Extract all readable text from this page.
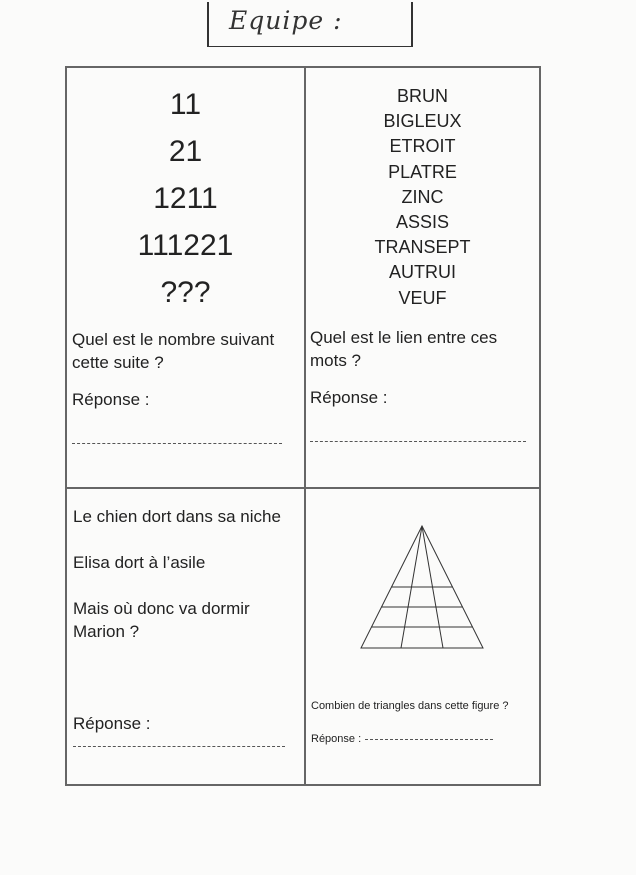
Equipe :
11
21
1211
111221
???
Quel est le nombre suivant
cette suite ?
Réponse :
BRUN
BIGLEUX
ETROIT
PLATRE
ZINC
ASSIS
TRANSEPT
AUTRUI
VEUF
Quel est le lien entre ces
mots ?
Réponse :
Le chien dort dans sa niche
Elisa dort à l’asile
Mais où donc va dormir
Marion ?
Réponse :
Combien de triangles dans cette figure ?
Réponse :
